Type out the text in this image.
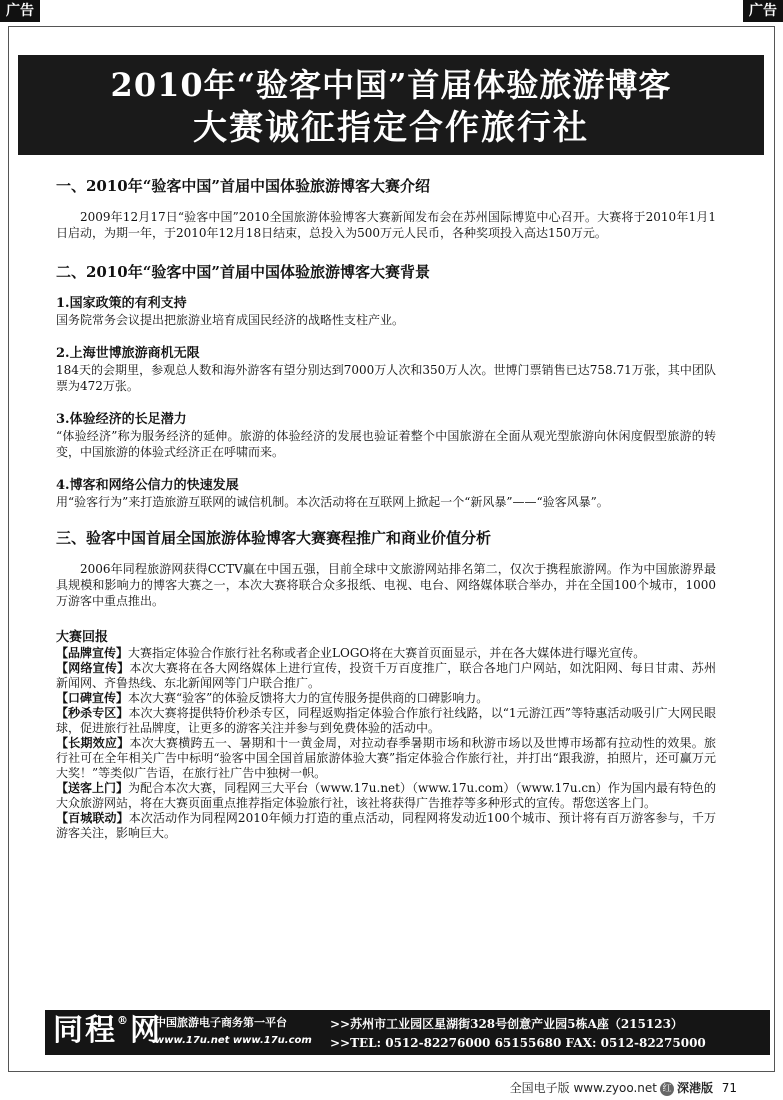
广告	广告
2010年“验客中国”首届体验旅游博客
大赛诚征指定合作旅行社
一、2010年“验客中国”首届中国体验旅游博客大赛介绍
2009年12月17日“验客中国”2010全国旅游体验博客大赛新闻发布会在苏州国际博览中心召开。大赛将于2010年1月1日启动，为期一年，于2010年12月18日结束，总投入为500万元人民币，各种奖项投入高达150万元。
二、2010年“验客中国”首届中国体验旅游博客大赛背景
1.国家政策的有利支持
国务院常务会议提出把旅游业培育成国民经济的战略性支柱产业。
2.上海世博旅游商机无限
184天的会期里，参观总人数和海外游客有望分别达到7000万人次和350万人次。世博门票销售已达758.71万张，其中团队票为472万张。
3.体验经济的长足潜力
“体验经济”称为服务经济的延伸。旅游的体验经济的发展也验证着整个中国旅游在全面从观光型旅游向休闲度假型旅游的转变，中国旅游的体验式经济正在呼啸而来。
4.博客和网络公信力的快速发展
用“验客行为”来打造旅游互联网的诚信机制。本次活动将在互联网上掀起一个“新风暴”——“验客风暴”。
三、验客中国首届全国旅游体验博客大赛赛程推广和商业价值分析
2006年同程旅游网获得CCTV赢在中国五强，目前全球中文旅游网站排名第二，仅次于携程旅游网。作为中国旅游界最具规模和影响力的博客大赛之一，本次大赛将联合众多报纸、电视、电台、网络媒体联合举办，并在全国100个城市，1000万游客中重点推出。
大赛回报
【品牌宣传】大赛指定体验合作旅行社名称或者企业LOGO将在大赛首页面显示，并在各大媒体进行曝光宣传。
【网络宣传】本次大赛将在各大网络媒体上进行宣传，投资千万百度推广，联合各地门户网站，如沈阳网、每日甘肃、苏州新闻网、齐鲁热线、东北新闻网等门户联合推广。
【口碑宣传】本次大赛“验客”的体验反馈将大力的宣传服务提供商的口碑影响力。
【秒杀专区】本次大赛将提供特价秒杀专区，同程返购指定体验合作旅行社线路，以“1元游江西”等特惠活动吸引广大网民眼球，促进旅行社品牌度，让更多的游客关注并参与到免费体验的活动中。
【长期效应】本次大赛横跨五一、暑期和十一黄金周，对拉动春季暑期市场和秋游市场以及世博市场都有拉动性的效果。旅行社可在全年相关广告中标明“验客中国全国首届旅游体验大赛”指定体验合作旅行社，并打出“跟我游，拍照片，还可赢万元大奖！”等类似广告语，在旅行社广告中独树一帜。
【送客上门】为配合本次大赛，同程网三大平台（www.17u.net）（www.17u.com）（www.17u.cn）作为国内最有特色的大众旅游网站，将在大赛页面重点推荐指定体验旅行社，该社将获得广告推荐等多种形式的宣传。帮您送客上门。
【百城联动】本次活动作为同程网2010年倾力打造的重点活动，同程网将发动近100个城市、预计将有百万游客参与，千万游客关注，影响巨大。
同程®网
中国旅游电子商务第一平台
www.17u.net www.17u.com
>>苏州市工业园区星湖街328号创意产业园5栋A座（215123）
>>TEL: 0512-82276000 65155680 FAX: 0512-82275000
全国电子版 www.zyoo.net 红 深港版 71
